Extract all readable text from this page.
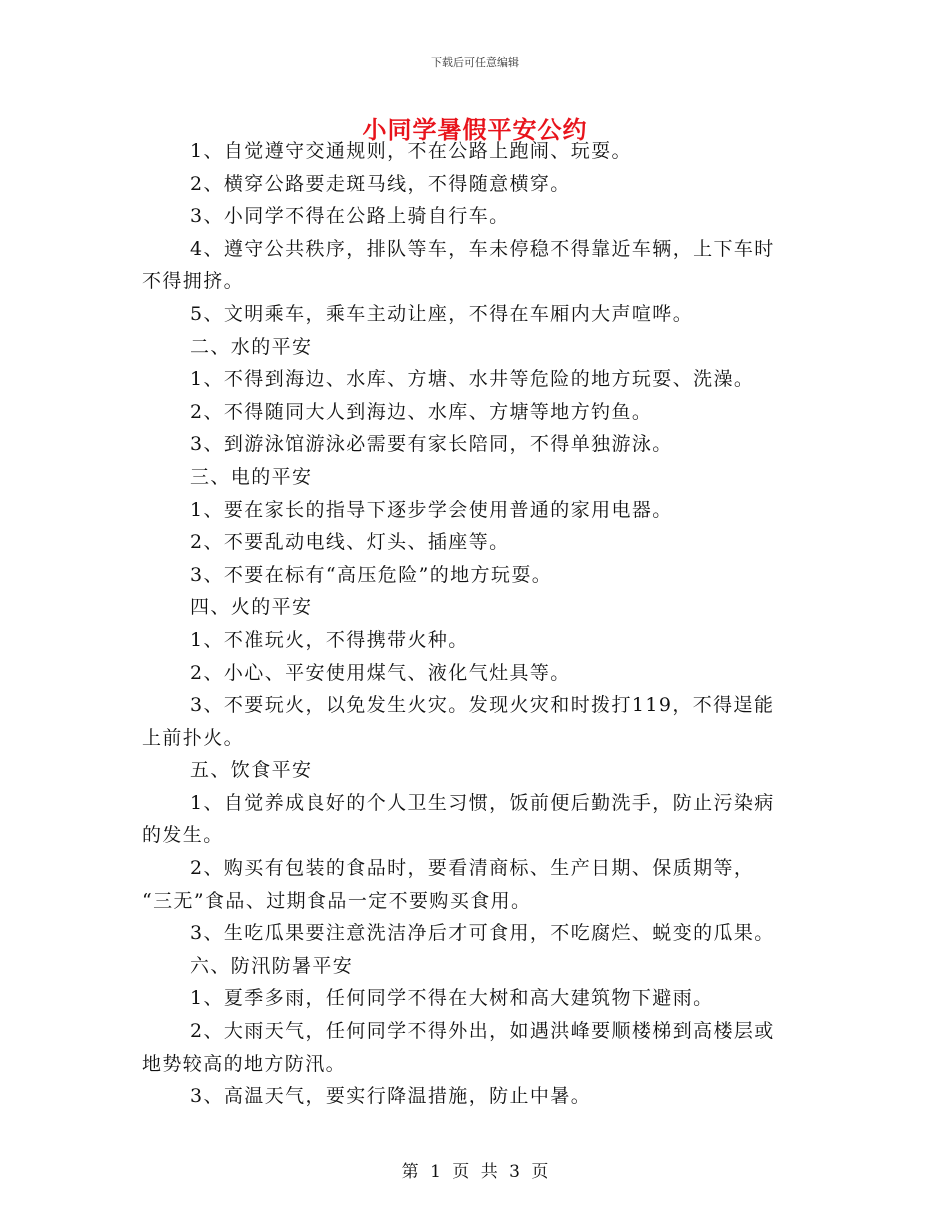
下载后可任意编辑
小同学暑假平安公约
1、自觉遵守交通规则，不在公路上跑闹、玩耍。
2、横穿公路要走斑马线，不得随意横穿。
3、小同学不得在公路上骑自行车。
4、遵守公共秩序，排队等车，车未停稳不得靠近车辆，上下车时
不得拥挤。
5、文明乘车，乘车主动让座，不得在车厢内大声喧哗。
二、水的平安
1、不得到海边、水库、方塘、水井等危险的地方玩耍、洗澡。
2、不得随同大人到海边、水库、方塘等地方钓鱼。
3、到游泳馆游泳必需要有家长陪同，不得单独游泳。
三、电的平安
1、要在家长的指导下逐步学会使用普通的家用电器。
2、不要乱动电线、灯头、插座等。
3、不要在标有“高压危险”的地方玩耍。
四、火的平安
1、不准玩火，不得携带火种。
2、小心、平安使用煤气、液化气灶具等。
3、不要玩火，以免发生火灾。发现火灾和时拨打119，不得逞能
上前扑火。
五、饮食平安
1、自觉养成良好的个人卫生习惯，饭前便后勤洗手，防止污染病
的发生。
2、购买有包装的食品时，要看清商标、生产日期、保质期等，
“三无”食品、过期食品一定不要购买食用。
3、生吃瓜果要注意洗洁净后才可食用，不吃腐烂、蜕变的瓜果。
六、防汛防暑平安
1、夏季多雨，任何同学不得在大树和高大建筑物下避雨。
2、大雨天气，任何同学不得外出，如遇洪峰要顺楼梯到高楼层或
地势较高的地方防汛。
3、高温天气，要实行降温措施，防止中暑。
第 1 页 共 3 页
